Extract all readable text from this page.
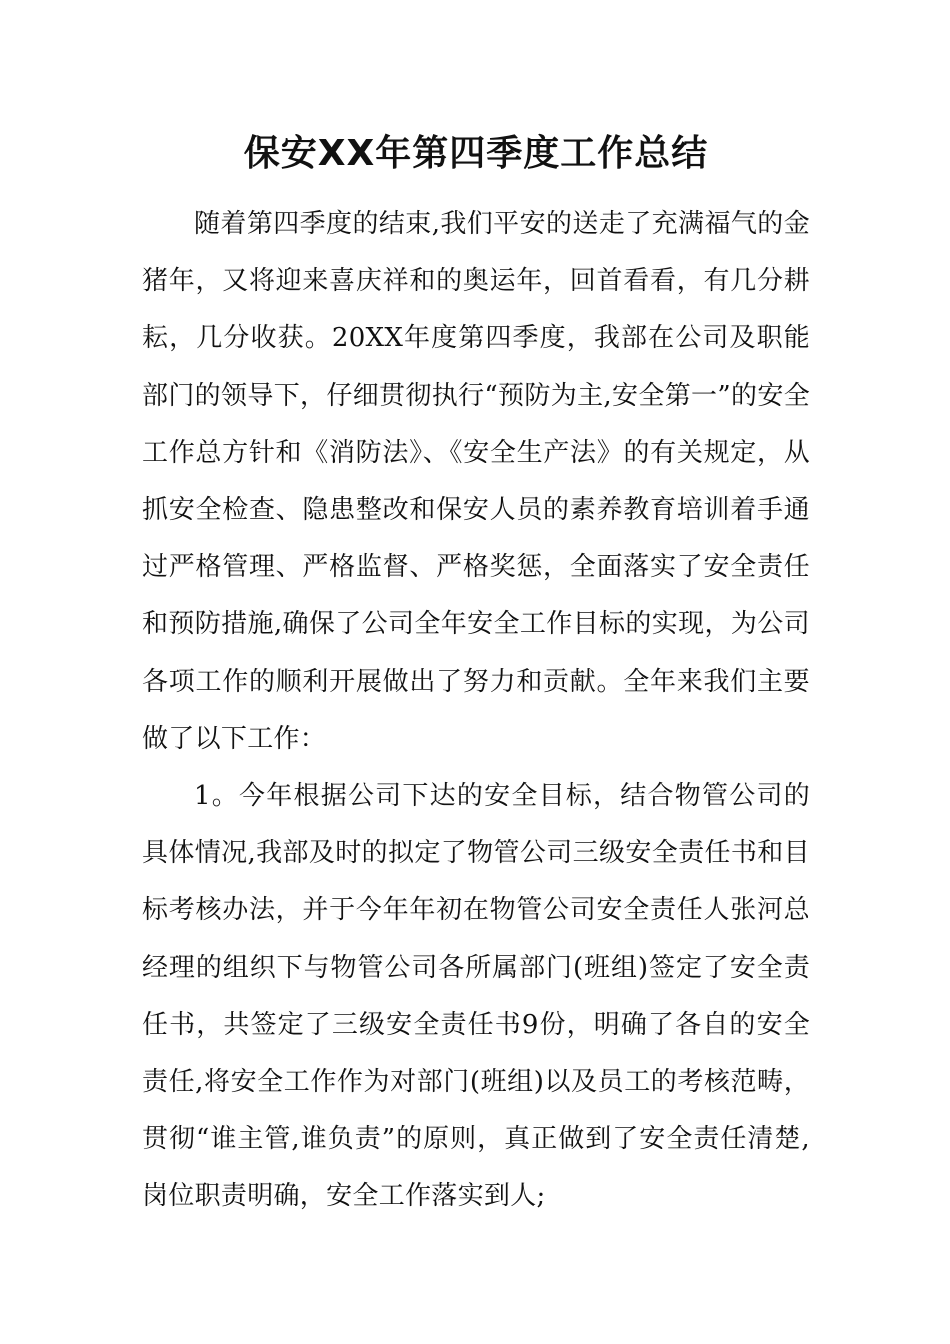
保安XX年第四季度工作总结

随着第四季度的结束,我们平安的送走了充满福气的金猪年，又将迎来喜庆祥和的奥运年，回首看看，有几分耕耘，几分收获。20XX年度第四季度，我部在公司及职能部门的领导下，仔细贯彻执行“预防为主,安全第一”的安全工作总方针和《消防法》、《安全生产法》的有关规定，从抓安全检查、隐患整改和保安人员的素养教育培训着手通过严格管理、严格监督、严格奖惩，全面落实了安全责任和预防措施,确保了公司全年安全工作目标的实现，为公司各项工作的顺利开展做出了努力和贡献。全年来我们主要做了以下工作：

1。今年根据公司下达的安全目标，结合物管公司的具体情况,我部及时的拟定了物管公司三级安全责任书和目标考核办法，并于今年年初在物管公司安全责任人张河总经理的组织下与物管公司各所属部门(班组)签定了安全责任书，共签定了三级安全责任书9份，明确了各自的安全责任,将安全工作作为对部门(班组)以及员工的考核范畴，贯彻“谁主管,谁负责”的原则，真正做到了安全责任清楚,岗位职责明确，安全工作落实到人;
